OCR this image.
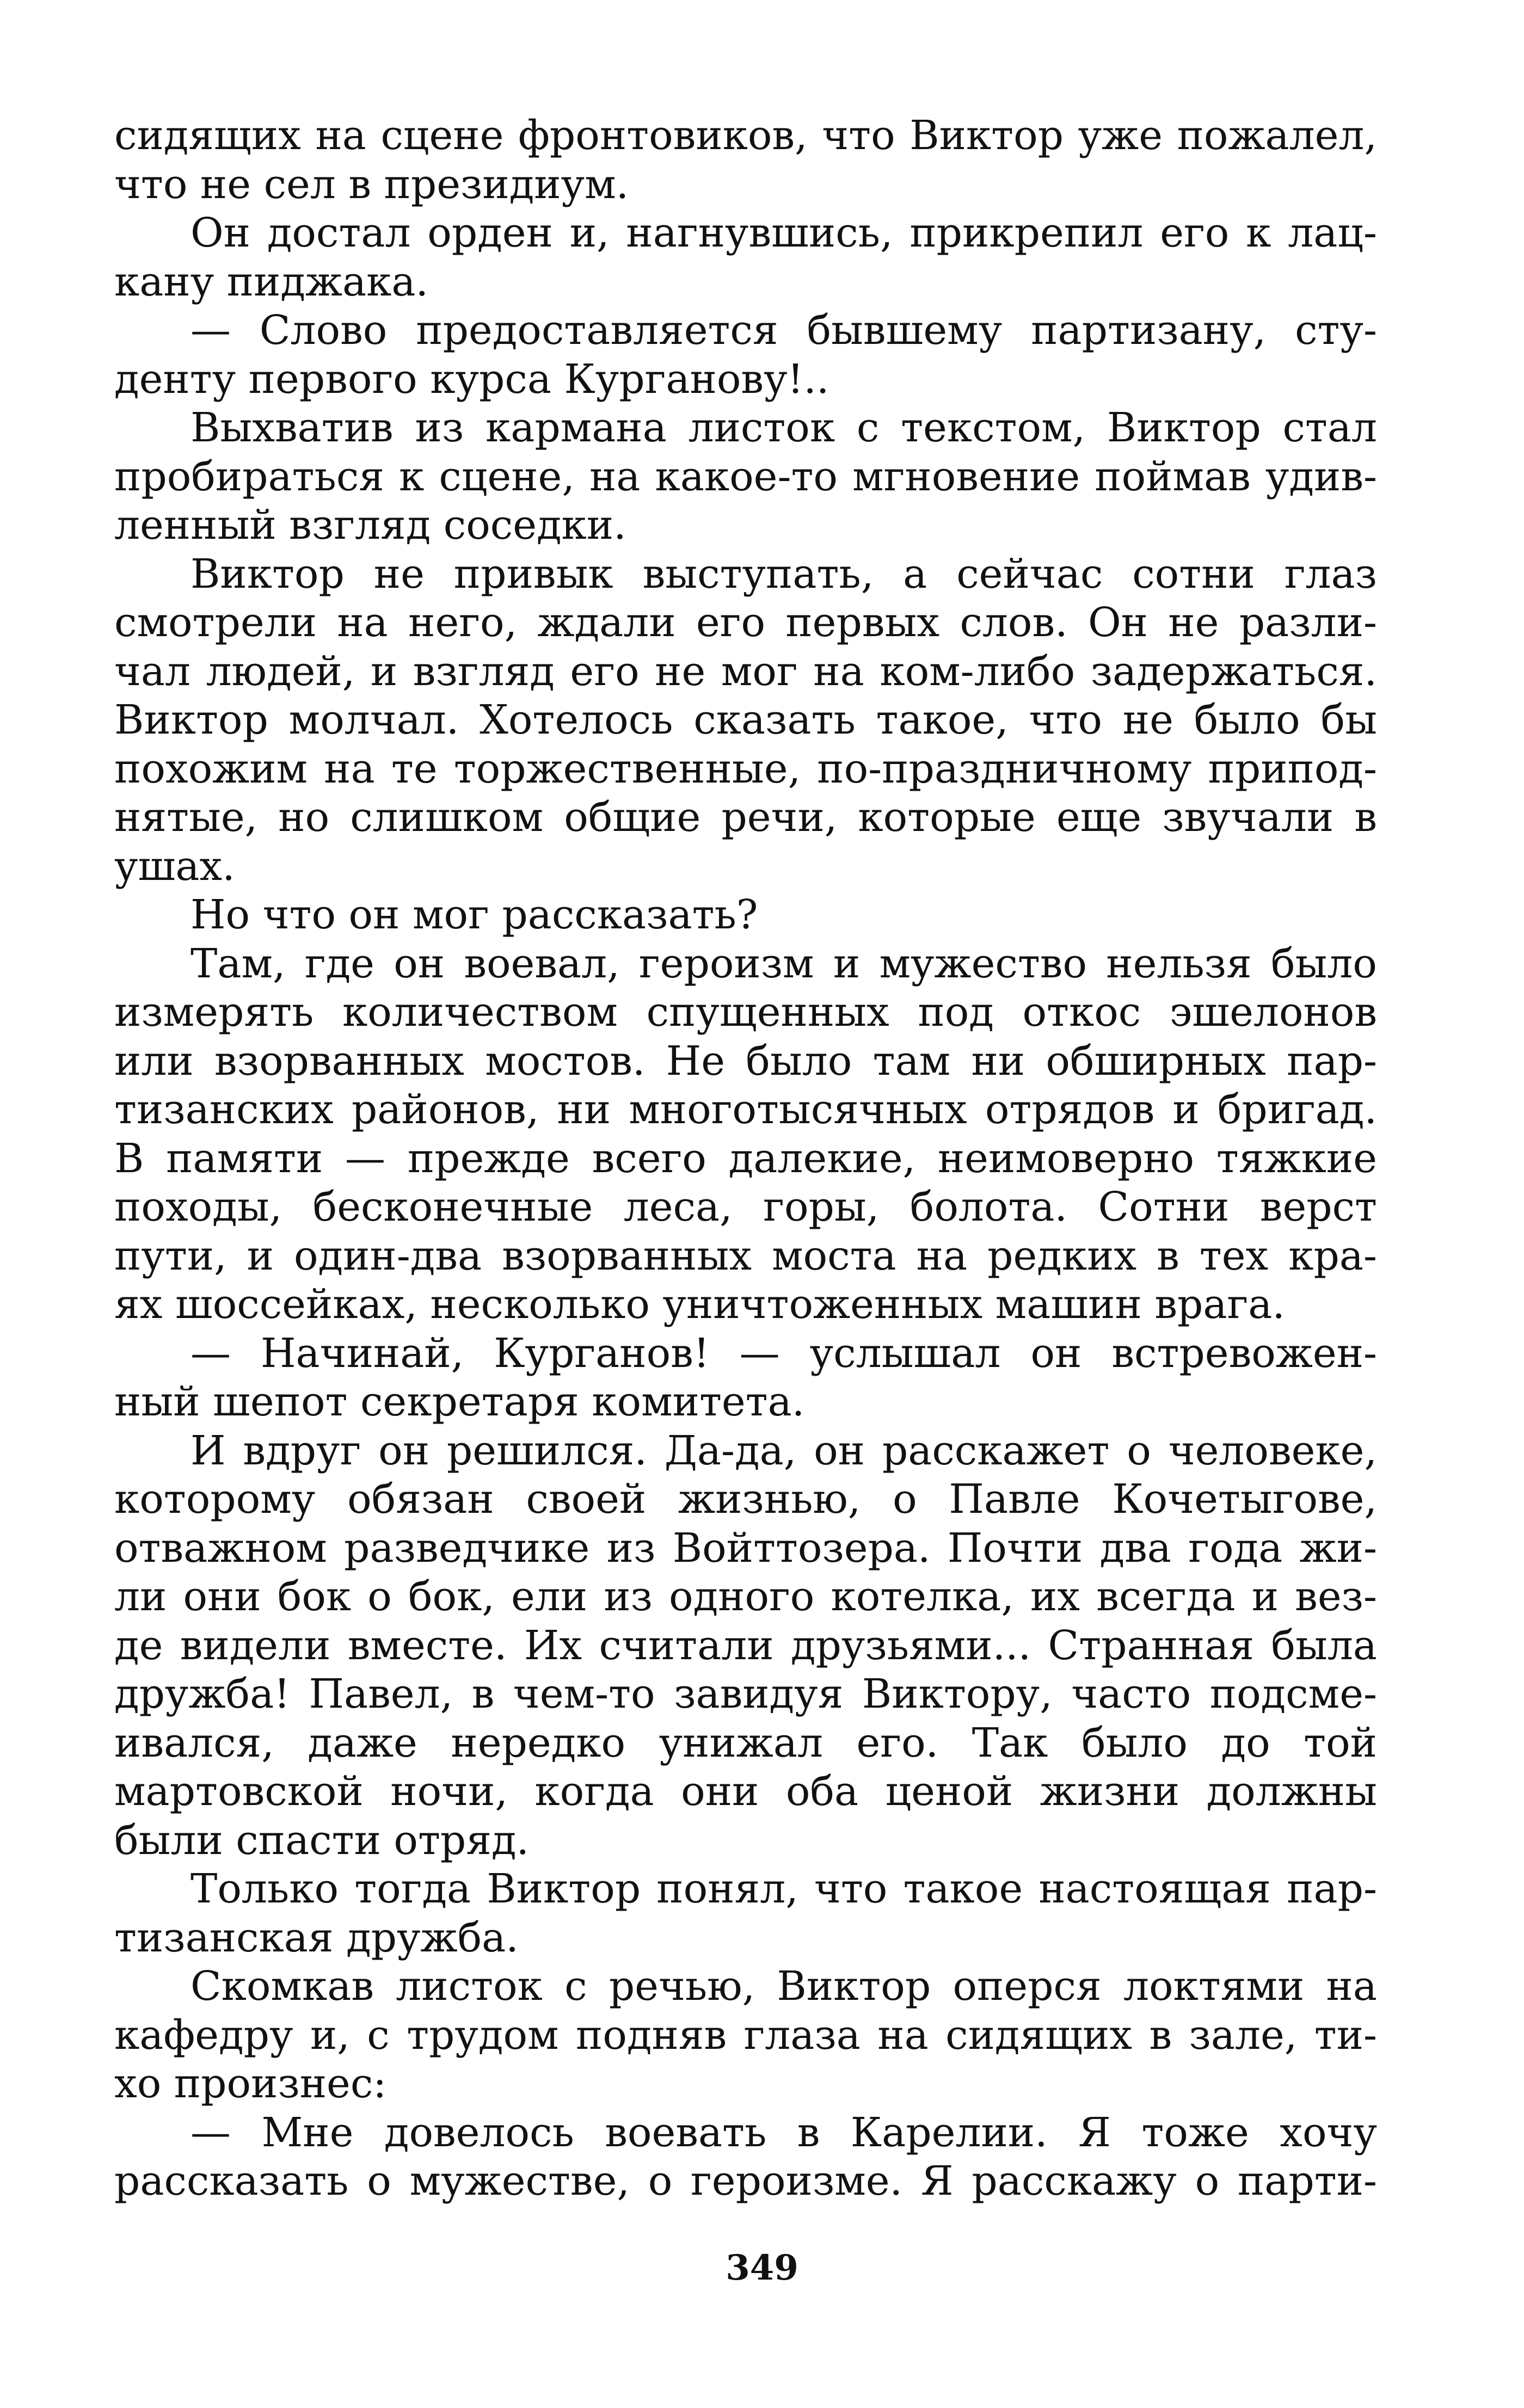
сидящих на сцене фронтовиков, что Виктор уже пожалел,
что не сел в президиум.
Он достал орден и, нагнувшись, прикрепил его к лац-
кану пиджака.
— Слово предоставляется бывшему партизану, сту-
денту первого курса Курганову!..
Выхватив из кармана листок с текстом, Виктор стал
пробираться к сцене, на какое-то мгновение поймав удив-
ленный взгляд соседки.
Виктор не привык выступать, а сейчас сотни глаз
смотрели на него, ждали его первых слов. Он не разли-
чал людей, и взгляд его не мог на ком-либо задержаться.
Виктор молчал. Хотелось сказать такое, что не было бы
похожим на те торжественные, по-праздничному припод-
нятые, но слишком общие речи, которые еще звучали в
ушах.
Но что он мог рассказать?
Там, где он воевал, героизм и мужество нельзя было
измерять количеством спущенных под откос эшелонов
или взорванных мостов. Не было там ни обширных пар-
тизанских районов, ни многотысячных отрядов и бригад.
В памяти — прежде всего далекие, неимоверно тяжкие
походы, бесконечные леса, горы, болота. Сотни верст
пути, и один-два взорванных моста на редких в тех кра-
ях шоссейках, несколько уничтоженных машин врага.
— Начинай, Курганов! — услышал он встревожен-
ный шепот секретаря комитета.
И вдруг он решился. Да-да, он расскажет о человеке,
которому обязан своей жизнью, о Павле Кочетыгове,
отважном разведчике из Войттозера. Почти два года жи-
ли они бок о бок, ели из одного котелка, их всегда и вез-
де видели вместе. Их считали друзьями... Странная была
дружба! Павел, в чем-то завидуя Виктору, часто подсме-
ивался, даже нередко унижал его. Так было до той
мартовской ночи, когда они оба ценой жизни должны
были спасти отряд.
Только тогда Виктор понял, что такое настоящая пар-
тизанская дружба.
Скомкав листок с речью, Виктор оперся локтями на
кафедру и, с трудом подняв глаза на сидящих в зале, ти-
хо произнес:
— Мне довелось воевать в Карелии. Я тоже хочу
рассказать о мужестве, о героизме. Я расскажу о парти-
349
